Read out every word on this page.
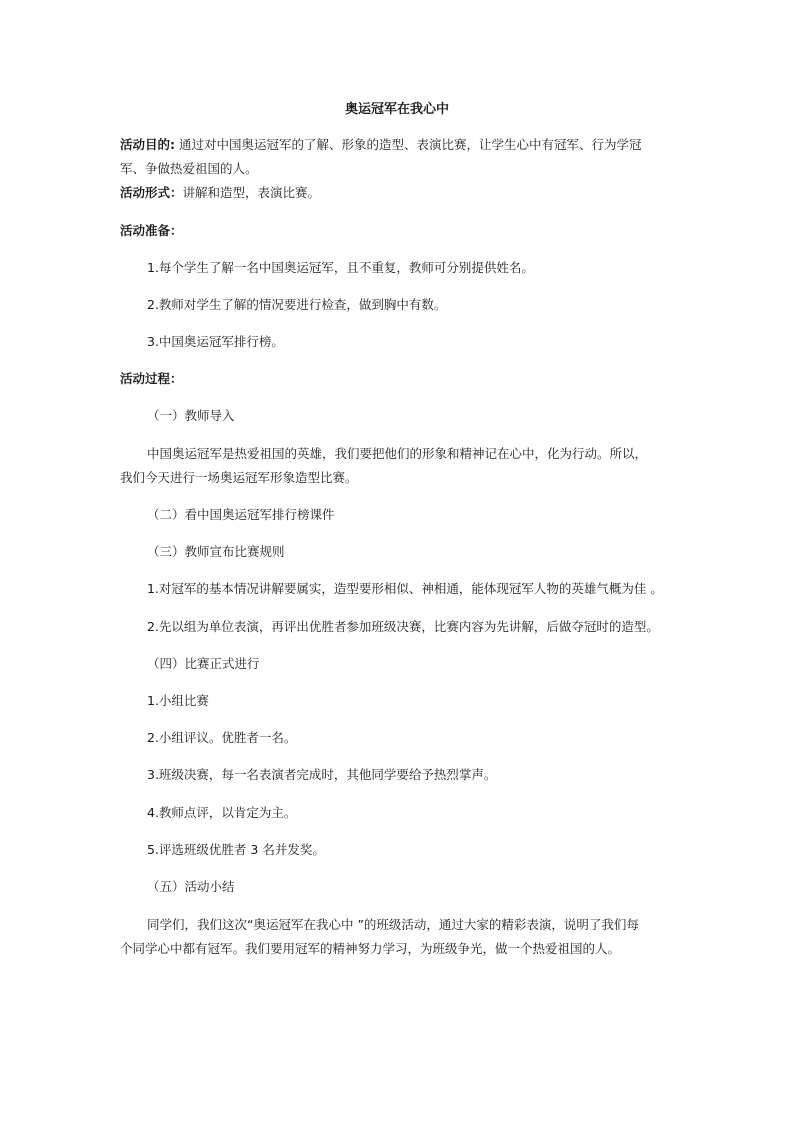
奥运冠军在我心中
活动目的: 通过对中国奥运冠军的了解、形象的造型、表演比赛，让学生心中有冠军、行为学冠
军、争做热爱祖国的人。
活动形式：讲解和造型，表演比赛。
活动准备：
1.每个学生了解一名中国奥运冠军，且不重复，教师可分别提供姓名。
2.教师对学生了解的情况要进行检查，做到胸中有数。
3.中国奥运冠军排行榜。
活动过程：
（一）教师导入
中国奥运冠军是热爱祖国的英雄，我们要把他们的形象和精神记在心中，化为行动。所以，
我们今天进行一场奥运冠军形象造型比赛。
（二）看中国奥运冠军排行榜课件
（三）教师宣布比赛规则
1.对冠军的基本情况讲解要属实，造型要形相似、神相通，能体现冠军人物的英雄气概为佳 。
2.先以组为单位表演，再评出优胜者参加班级决赛，比赛内容为先讲解，后做夺冠时的造型。
（四）比赛正式进行
1.小组比赛
2.小组评议。优胜者一名。
3.班级决赛，每一名表演者完成时，其他同学要给予热烈掌声。
4.教师点评，以肯定为主。
5.评选班级优胜者 3 名并发奖。
（五）活动小结
同学们，我们这次“奥运冠军在我心中 ”的班级活动，通过大家的精彩表演，说明了我们每
个同学心中都有冠军。我们要用冠军的精神努力学习，为班级争光，做一个热爱祖国的人。
